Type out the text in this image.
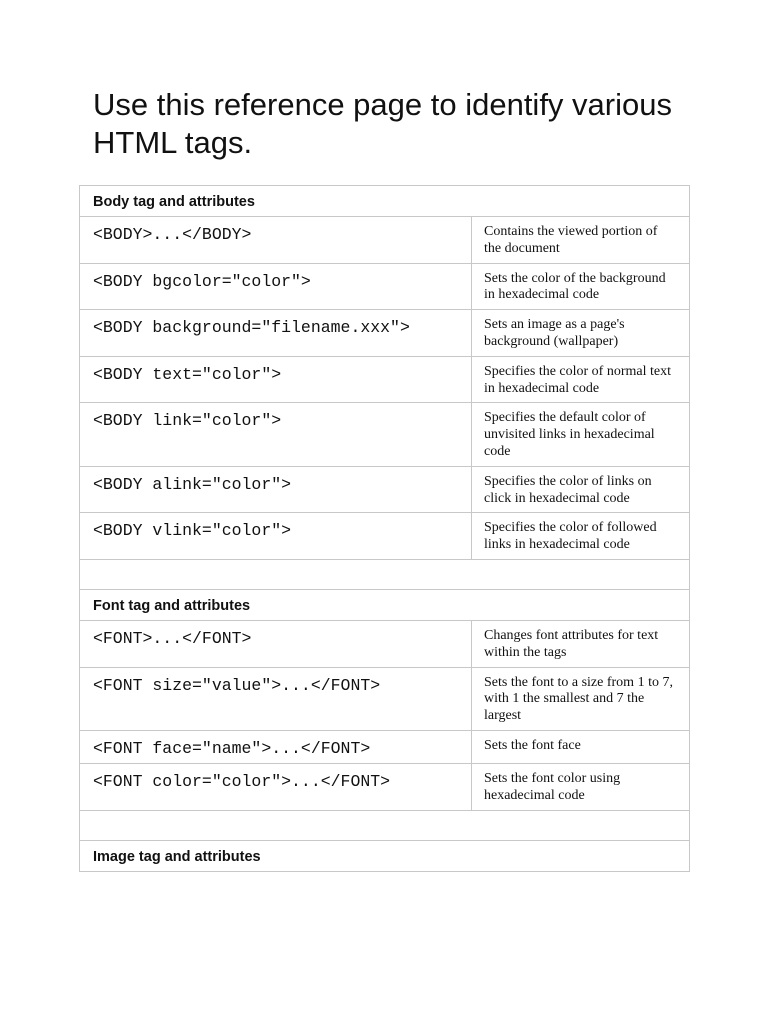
Use this reference page to identify various HTML tags.
Body tag and attributes	
<BODY>...</BODY>	Contains the viewed portion of the document
<BODY bgcolor="color">	Sets the color of the background in hexadecimal code
<BODY background="filename.xxx">	Sets an image as a page's background (wallpaper)
<BODY text="color">	Specifies the color of normal text in hexadecimal code
<BODY link="color">	Specifies the default color of unvisited links in hexadecimal code
<BODY alink="color">	Specifies the color of links on click in hexadecimal code
<BODY vlink="color">	Specifies the color of followed links in hexadecimal code

Font tag and attributes	
<FONT>...</FONT>	Changes font attributes for text within the tags
<FONT size="value">...</FONT>	Sets the font to a size from 1 to 7, with 1 the smallest and 7 the largest
<FONT face="name">...</FONT>	Sets the font face
<FONT color="color">...</FONT>	Sets the font color using hexadecimal code

Image tag and attributes	
